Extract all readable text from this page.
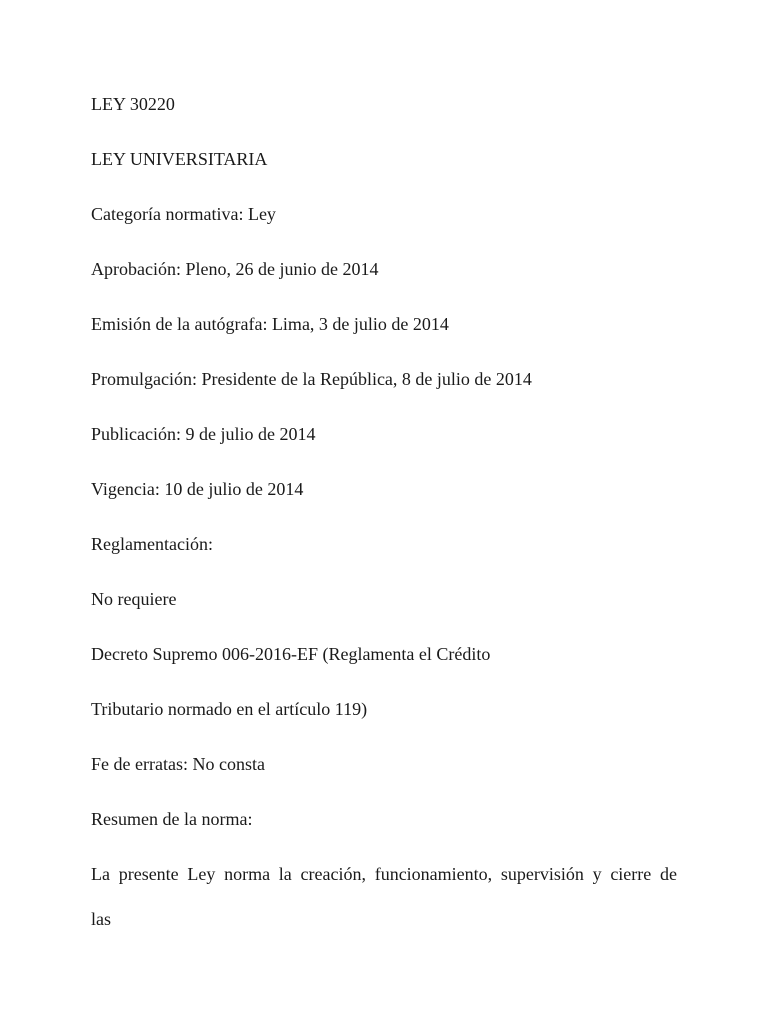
LEY 30220
LEY UNIVERSITARIA
Categoría normativa: Ley
Aprobación: Pleno, 26 de junio de 2014
Emisión de la autógrafa: Lima, 3 de julio de 2014
Promulgación: Presidente de la República, 8 de julio de 2014
Publicación: 9 de julio de 2014
Vigencia: 10 de julio de 2014
Reglamentación:
No requiere
Decreto Supremo 006-2016-EF (Reglamenta el Crédito
Tributario normado en el artículo 119)
Fe de erratas: No consta
Resumen de la norma:
La presente Ley norma la creación, funcionamiento, supervisión y cierre de
las
